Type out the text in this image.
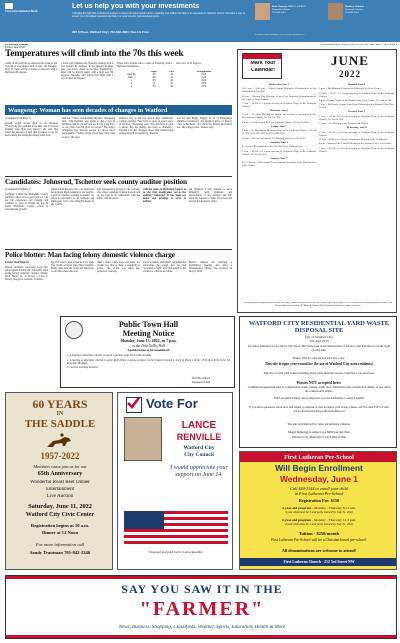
First International Bank
Let us help you with your investments
Changing the right mix of financial products to meet your future needs can be a daunting task without the help of an experienced, financial advisor. We make it easy to answer your investment questions and help you work towards your retirement goals.
900 6 Place, Watford City | 701-842-2381 | See Us First
Beth Clausen, ChFC®, CLTC®
Financial Advisor
701.842.2381
Matthew Tokaida
Financial Advisor
701.842.2381
Securities offered through Cetera Advisor Networks LLC
By Ashleigh Plumper
Farmer Staff Writer
Temperatures will climb into the 70s this week
A mix of sun and rain is expected this week as the forecast is also mixed with clouds. On Tuesday, May 31, there will be a chance of showers with a high near 68 degrees.
Clouds will continue into Tuesday evening with a low around 42 degrees. If the ground weather gets you down, cheer up because Wednesday's skies will be mostly sunny with a high near 69 degrees. Thursday will follow that night with a low around 44 degrees.
There will be some sun to come on Thursday with a high near 63 degrees
and a low of 45 degrees.
	High	Low	Precipitation
May 31	68	42	0.00
June 1	69	44	0.00
2	63	45	0.00
3	71	41	0.00
4	64	43	0.00
McKenzie County Farmer, Watford City, ND, Wed., June 1, 2022, Page 3
Mark Your
Calendar!
JUNE
2022

Wednesday, June 1

9:00 a.m. - 5:00 p.m. - Ward County Ministries Bloodmobile at the Watford City Fire Hall.

10 a.m. - Watford City Welcome Center Golf Regional Championship at the Links of North Dakota.

7 p.m. - 24 Hr. AA Group meeting at Northern Hope at the Lutheran Church.

Thursday, June 2

7 p.m. - Al-Anon Meeting for family and friends of alcoholics at the Presbyterian Church, 106 5th Ave. NE.

8 p.m. - AA Meeting at the First Lutheran Church, 212 3rd St. NW.

Friday, June 3

9 a.m. - AA Meeting at Northern Hope at the Lutheran Church, 212 3rd St. NW (701) 842-2381 or (701) 842-2381.

12 p.m. - 'We Are Not Saints' AA Meeting at Glory of the Lord.

Saturday, June 4

6 - 9 p.m. - Bloodmobile in the Fire Hall Tent, Watford City.

7 p.m. - 24 Hr. AA Group meeting at Northern Hope at the Lutheran Church, 212 3rd St. NW.

Sunday, June 5

8 - 11:30 a.m. - 26th Annual Lions Pancake Breakfast at the Watford City Civic Center.

Monday, June 6

5 p.m. - 'Big Mamma' Camp at the Watford City Civic Center.

12 p.m. - 24 Hr. AA Group meeting at Northern Hope at the Lutheran Church.

6 p.m. - Family Nights at the Watford City Civic Center, 213 2nd St. NE.

7 p.m. - McKenzie County Park Board Meeting at the Watford City Civic Center.

Tuesday, June 7

7 p.m. - 24 Hr. AA Group meeting at Northern Hope at the Lutheran Church, 212 3rd St. NW.

12 p.m. - AA Meeting at the Presbyterian Church.

Wednesday, June 8

7 a.m. - 24 Hr. AA Group meeting at Northern Hope at the Lutheran Church.

10 a.m. - McKenzie County Commission Meeting at the Courthouse.

6 p.m. - Watford City Council Meeting at the Watford City Civic Center.

7 p.m. - 24 Hr. AA Group meeting at Northern Hope at the Lutheran Church.

If you have upcoming events you would like listed, please send a postcard, call the Farmer office at 701-842-2351 or e-mail us at mcfarmer@mcfarmer.com. The Farmer office is located at 107 Main St. Watford City. Events are listed two weeks in advance.
Wangseng: Woman has seen decades of changes in Watford

(Continued from Page 1)

growth would reveal itself to us. Because "Everybody just gobbled more land, and it is more farming done than ever before," she said. She noted the amount of land that produces crops for each family has multiplied many times over.

find out. "I have seen nothing like this," Wangseng said. "My husband was going to get a job in Williston and we picked one up. It was a big blow to our plans, but I'm glad we stayed." But today, Wangseng has noticed people do move more permanently. "When people move here they want to stay," she says.
Watford City in the last decade that community workers rebuild. "You have to plan an event years in advance," Wangseng said. "You still have to plan it ahead. But the change has been so dramatic." Though a lot has changed, those who resided here in the past still recognize its character.
ens. It's still Piggly Wiggly. In all of Wangseng's childhood memories, she keeps a piece of history close to her heart. "It's where her friends and family are. She's happy here," Kaiser says.
Candidates: Johnsrud, Tschetter seek county auditor position

(Continued from Page 1)

Tschetter: I think the McKenzie County Auditor's office is in a good place. I will use my experience and training and continue to grow to bridge the gap in under McKenzie County which is experiencing growth.

Johnsrud: In the past year, our office has made many improvements to our service. I plan to continue working to ensure our office is responsive to our residents and employees and to the changing needs of the county.
cial transparency posted to the website. Our office continues to keep records and do our best to be transparent with the public and the press.
with the voters of McKenzie County as to why they should elect you as the auditor? Johnsrud: It has been my honor and privilege to serve as auditor.
ted Tschetter: I will continue to serve diligently, with gratitude and appreciation of our citizens, and will work my hardest to make you proud and trust in the Auditor's office.
Police blotter: Man facing felony domestic violence charge

Farmer Staff Reports

Recent incidents involving local law enforcement include the following. Man facing felony domestic violence charge: Kodi Bazzi, 31, is facing a Class C Felony charge for domestic violence.

ing and went to seek someone to be with. The victim escaped with minor injuries. Bazzi came into the room and asked her to tell him where she was.
chief's office. Once Tow was done, the victim was able to make a statement to police. The victim was taken into protective custody.
Upon speaking with Bazzi regarding the altercation, he stated that he had "provided a fight" and apologized to the victim for what he had done.
Bazzi's charges are awaiting a preliminary hearing date after a misdemeanor charge was received on May 6, 2022.
Public Town Hall
Meeting Notice
Monday, June 13, 2022, at 7 p.m.
at the Twin Valley Hall
Agenda items to be considered:

1. A hearing to determine whether to vacate a portion of the Town road and plats.

2. A hearing to determine whether to grant Keith Bruce a zoning variance on the property located in Lot 8 of Block 2 of Sec 13-T149 of R 99 of the 5th Principal Meridian.

3. General township business.

Kari Kovaleva
Treasurer/Clerk
60 YEARS
IN
THE SADDLE
1957-2022
Members come join us for our
65th Anniversary
Wonderful Roast Beef Dinner
Entertainment
Live Auction
Saturday, June 11, 2022
Watford City Civic Center
Registration begins at 10 a.m.
Dinner at 12 Noon
For more information call
Sandy Trautman 701-842-2246
Vote For
LANCE
RENVILLE
Watford City
City Council
I would appreciate your support on June 14.
Prepared and paid for by Lance Renville
WATFORD CITY RESIDENTIAL YARD WASTE DISPOSAL SITE
City of Watford City
701-444-2533
Location: Entrance is on 11th St. SW, about 300 yards west of the intersection of 4th Ave. SW. Entrance is on the right (north) side.
Hours: Will be open for use 24 hours a day.
This site is open year-round for the use of Watford City area residents!
This site accepts yard waste including grass, plant material, leaves, branches, roots and trees.
Wastes NOT accepted here:
Commercial generated yard or compostable waste, pallets, trash, tires, demolition and construction debris, or any other un-compostable debris.
NOT accepted wastes can be disposed of at the McKenzie County Landfill.
If you have questions about how and where to dispose of non-accepted yard waste, please call 701-444-2533 or visit www.cityofwatfordcity.com/wastedisposal
The site is monitored by video surveillance cameras.
Illegal dumping is subject to a $999 per day fine.
(Watford City Municipal Code 4-204, 4-104)
First Lutheran Pre-School
Will Begin Enrollment
Wednesday, June 1
Call 444-3344 to enroll your child
in First Lutheran Pre-School
Registration Fee: $150
3-year-old program - Monday - Thursday 8-11 a.m.
3-year-olds must be 3 and potty trained by July 31, 2022
4-year-old program - Monday - Thursday 12-3 p.m.
4-year-olds must be 4 and potty trained by July 31, 2022
Tuition - $250/month
First Lutheran Pre-School will be a Christian based pre-school.
All denominations are welcome to attend!
First Lutheran Church - 212 3rd Street NW
SAY YOU SAW IT IN THE
"FARMER"
News, Business, Shopping, Classifieds, Weather, Sports, Education, Health & More
